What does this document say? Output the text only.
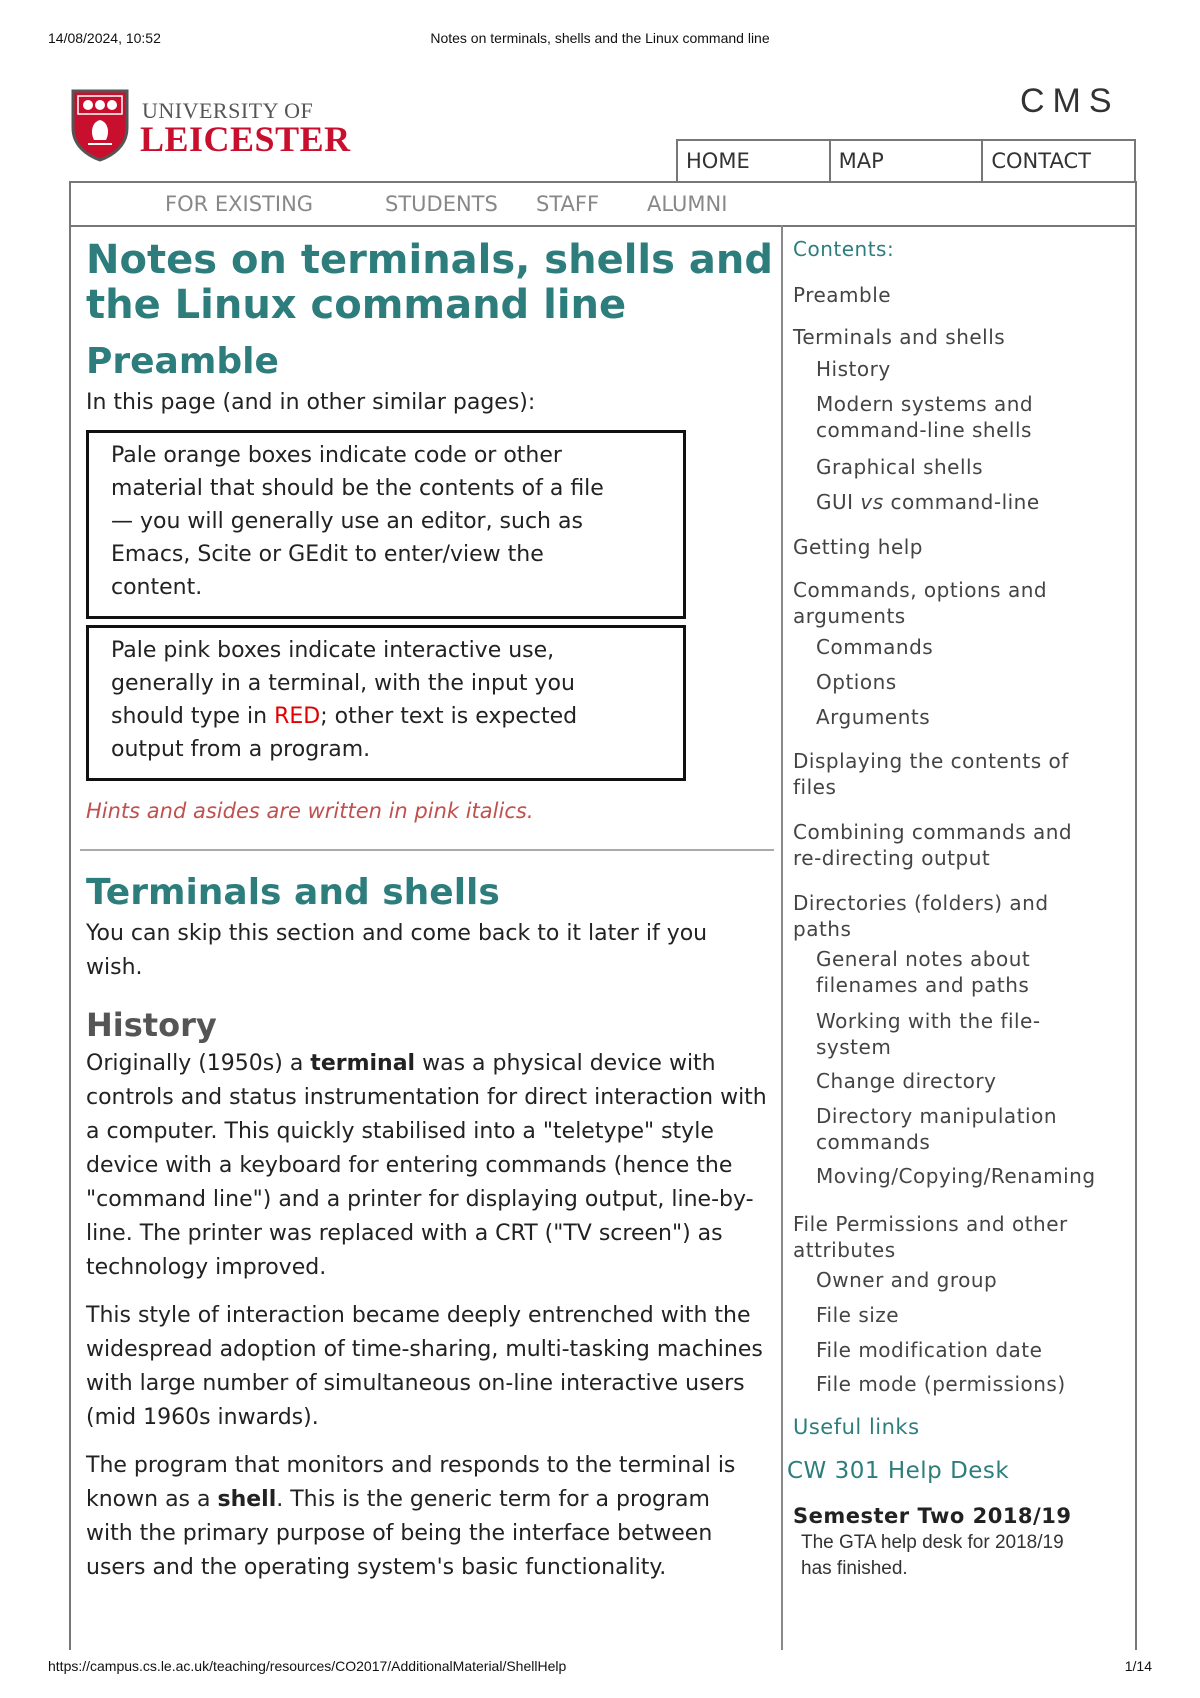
14/08/2024, 10:52	Notes on terminals, shells and the Linux command line
UNIVERSITY OF
LEICESTER
CMS
HOME	MAP	CONTACT
FOR EXISTING	STUDENTS STAFF ALUMNI
Notes on terminals, shells and
the Linux command line
Preamble

In this page (and in other similar pages):

Pale orange boxes indicate code or other
material that should be the contents of a file
— you will generally use an editor, such as
Emacs, Scite or GEdit to enter/view the
content.
Pale pink boxes indicate interactive use,
generally in a terminal, with the input you
should type in RED; other text is expected
output from a program.

Hints and asides are written in pink italics.

Terminals and shells

You can skip this section and come back to it later if you
wish.

History

Originally (1950s) a terminal was a physical device with
controls and status instrumentation for direct interaction with
a computer. This quickly stabilised into a "teletype" style
device with a keyboard for entering commands (hence the
"command line") and a printer for displaying output, line-by-
line. The printer was replaced with a CRT ("TV screen") as
technology improved.

This style of interaction became deeply entrenched with the
widespread adoption of time-sharing, multi-tasking machines
with large number of simultaneous on-line interactive users
(mid 1960s inwards).

The program that monitors and responds to the terminal is
known as a shell. This is the generic term for a program
with the primary purpose of being the interface between
users and the operating system's basic functionality.

Contents:
Preamble
Terminals and shells
History
Modern systems and
command-line shells
Graphical shells
GUI vs command-line
Getting help
Commands, options and
arguments
Commands
Options
Arguments
Displaying the contents of
files
Combining commands and
re-directing output
Directories (folders) and
paths
General notes about
filenames and paths
Working with the file-
system
Change directory
Directory manipulation
commands
Moving/Copying/Renaming
File Permissions and other
attributes
Owner and group
File size
File modification date
File mode (permissions)
Useful links
CW 301 Help Desk
Semester Two 2018/19
The GTA help desk for 2018/19
has finished.
https://campus.cs.le.ac.uk/teaching/resources/CO2017/AdditionalMaterial/ShellHelp	1/14
